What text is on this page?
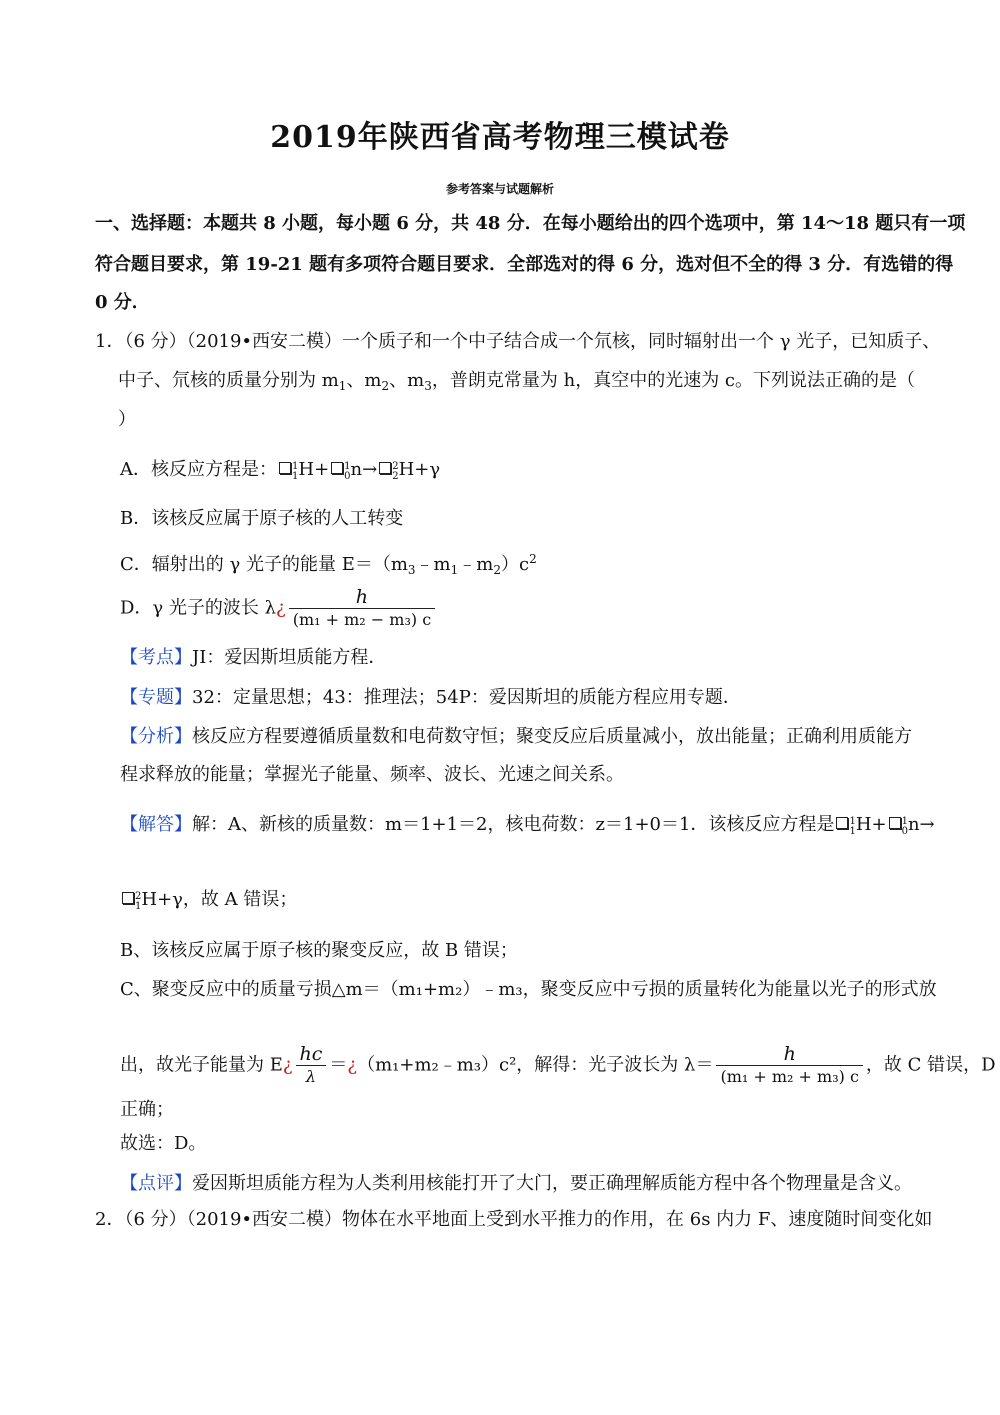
2019年陕西省高考物理三模试卷
参考答案与试题解析
一、选择题：本题共 8 小题，每小题 6 分，共 48 分．在每小题给出的四个选项中，第 14～18 题只有一项
符合题目要求，第 19-21 题有多项符合题目要求．全部选对的得 6 分，选对但不全的得 3 分．有选错的得
0 分．
1．（6 分）（2019•西安二模）一个质子和一个中子结合成一个氘核，同时辐射出一个 γ 光子，已知质子、
中子、氘核的质量分别为 $m_1$、$m_2$、$m_3$，普朗克常量为 h，真空中的光速为 c。下列说法正确的是（
）
A．核反应方程是： 1
1 H+ 1
0 n→ 2
2 H+γ
B．该核反应属于原子核的人工转变
C．辐射出的 γ 光子的能量 $E=(m_3﹣m_1﹣m_2)c^2$
D．γ 光子的波长 λ¿ $\frac{h}{\text{(m₁ + m₂ − m₃) c}}$
【考点】JI：爱因斯坦质能方程．
【专题】32：定量思想；43：推理法；54P：爱因斯坦的质能方程应用专题．
【分析】核反应方程要遵循质量数和电荷数守恒；聚变反应后质量减小，放出能量；正确利用质能方
程求释放的能量；掌握光子能量、频率、波长、光速之间关系。
【解答】解：A、新核的质量数：m＝1+1＝2，核电荷数：z＝1+0＝1．该核反应方程是 1
1 H+ 1
0 n→
2
1 H+γ，故 A 错误；
B、该核反应属于原子核的聚变反应，故 B 错误；
C、聚变反应中的质量亏损△m＝（m₁+m₂）﹣m₃，聚变反应中亏损的质量转化为能量以光子的形式放
出，故光子能量为 E¿ $\frac{hc}{\lambda}$ ＝¿（m₁+m₂﹣m₃）c²，解得：光子波长为 $\lambda= \frac{h}{\text{(m₁ + m₂ + m₃) c}}$ ，故 C 错误，D
正确；
故选：D。
【点评】爱因斯坦质能方程为人类利用核能打开了大门，要正确理解质能方程中各个物理量是含义。
2．（6 分）（2019•西安二模）物体在水平地面上受到水平推力的作用，在 6s 内力 F、速度随时间变化如
